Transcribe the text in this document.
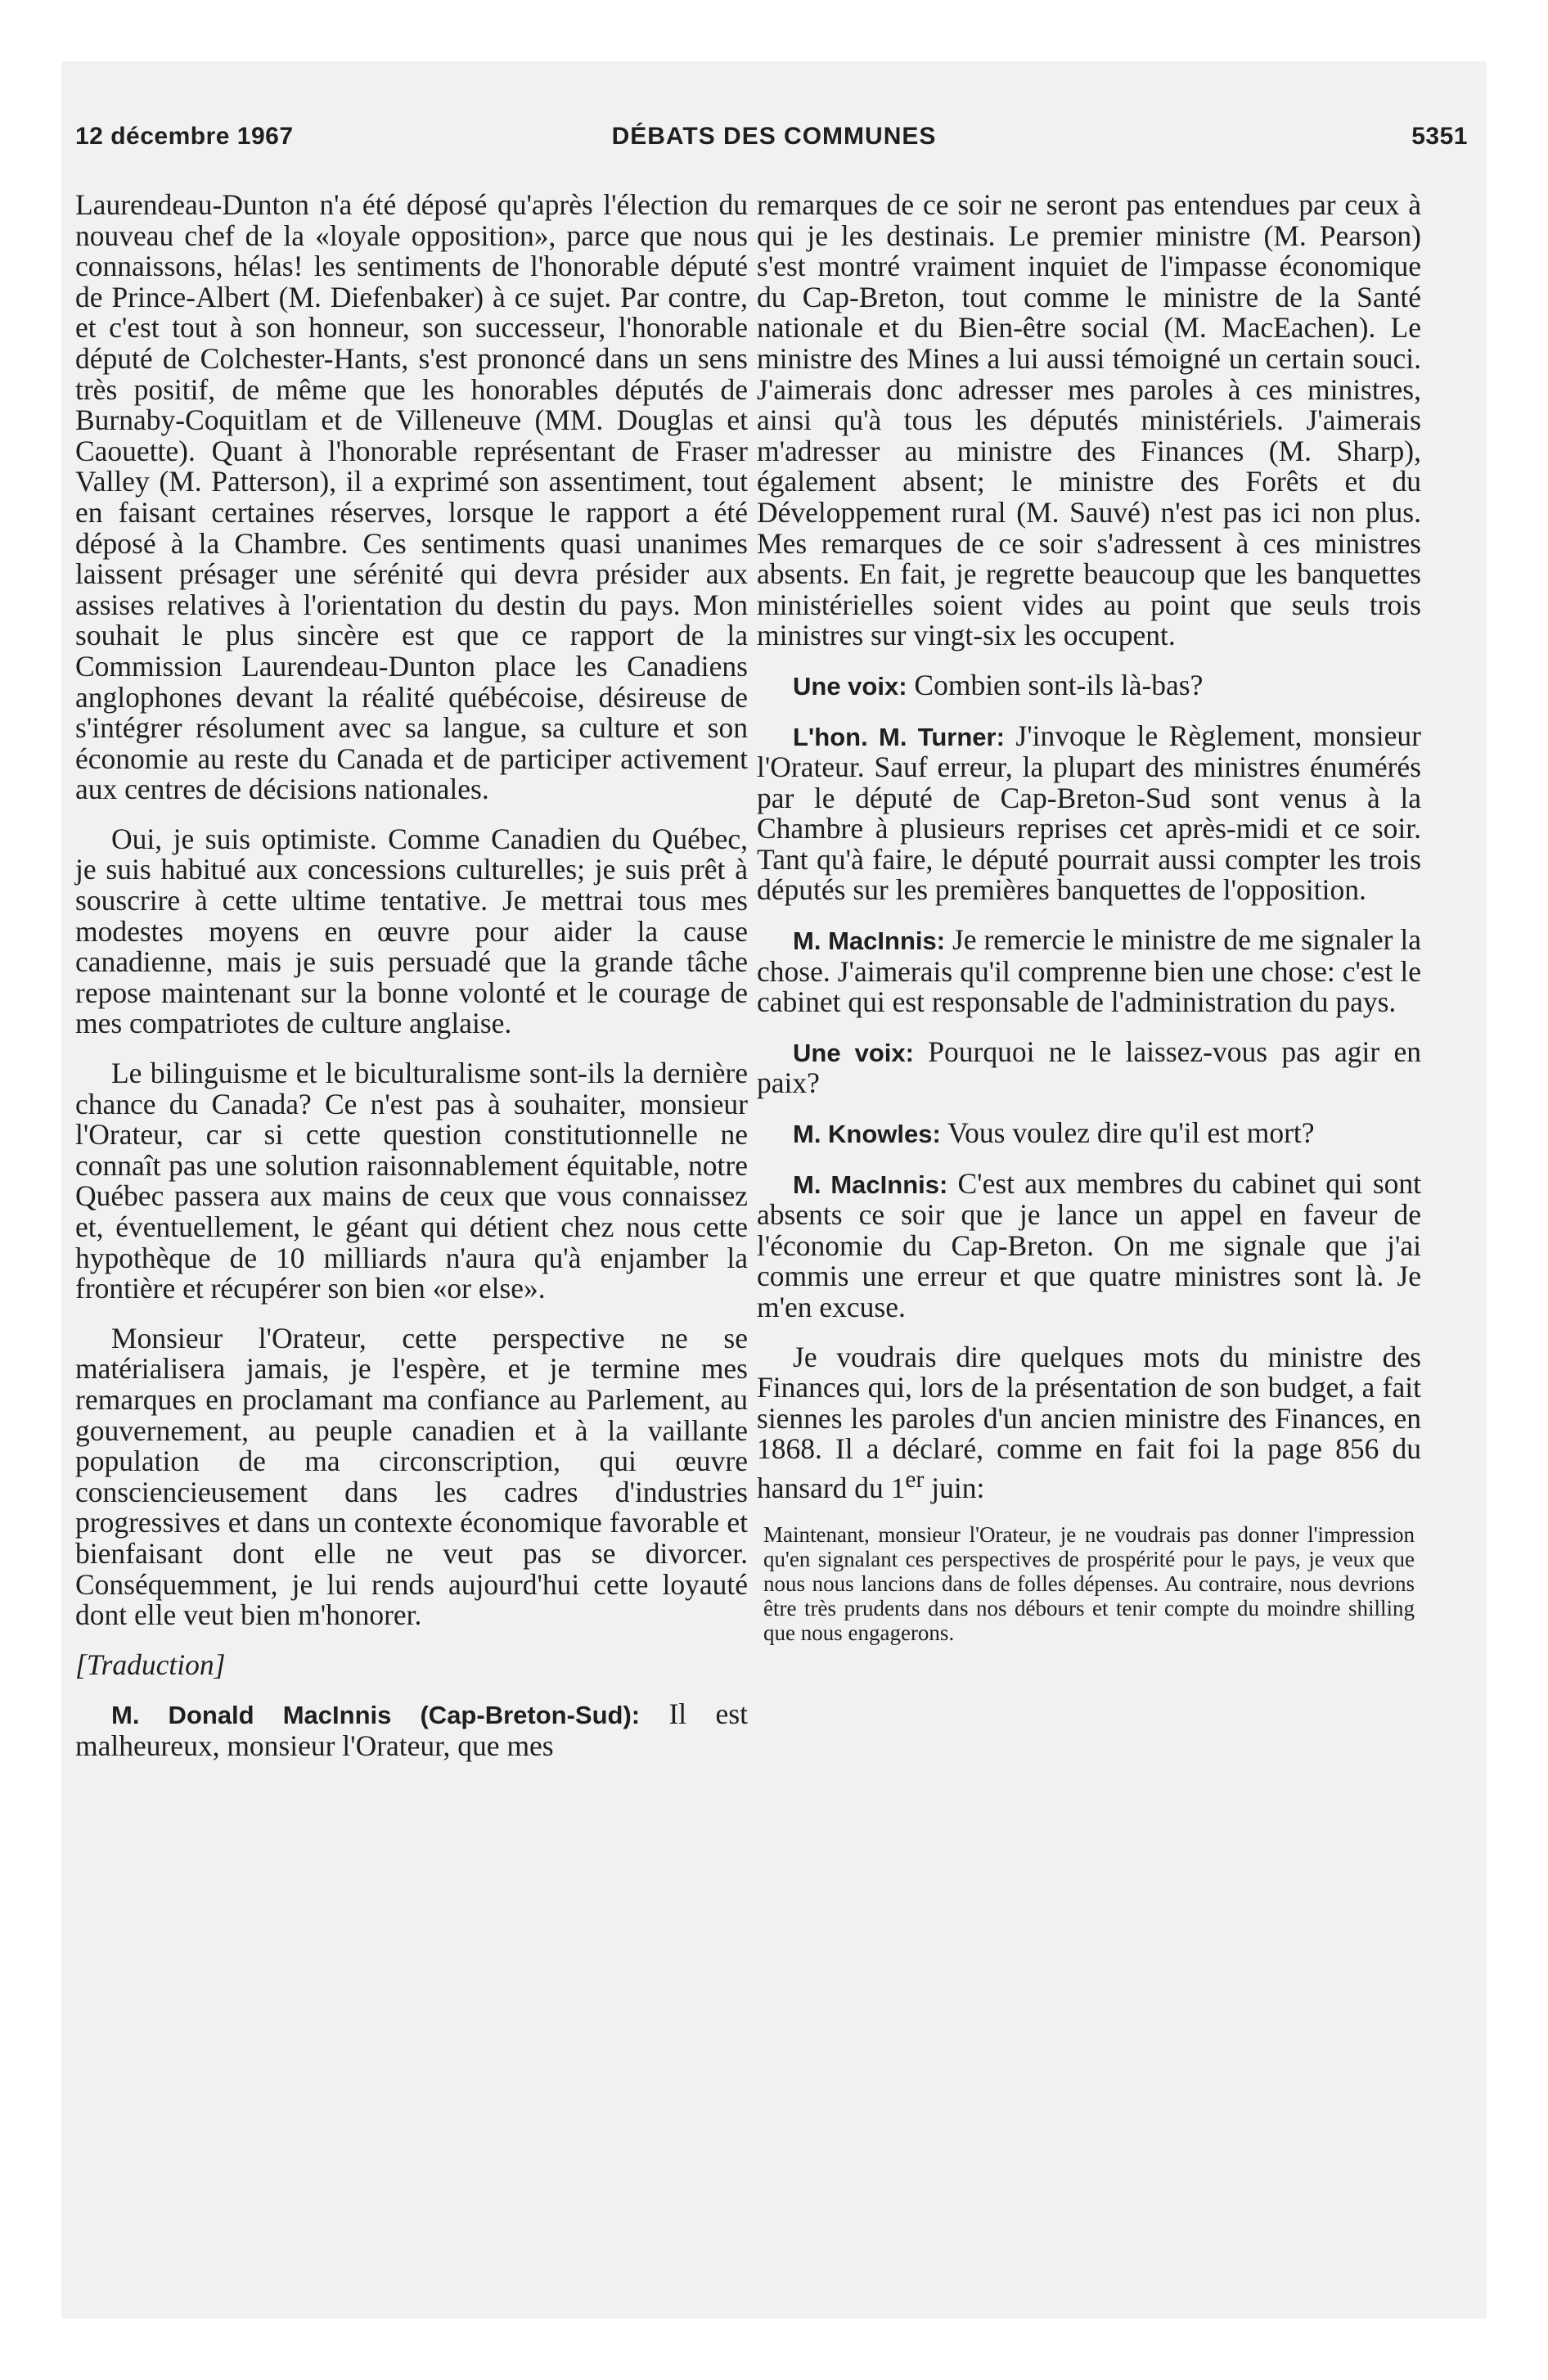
12 décembre 1967	DÉBATS DES COMMUNES	5351

Laurendeau-Dunton n'a été déposé qu'après l'élection du nouveau chef de la «loyale opposition», parce que nous connaissons, hélas! les sentiments de l'honorable député de Prince-Albert (M. Diefenbaker) à ce sujet. Par contre, et c'est tout à son honneur, son successeur, l'honorable député de Colchester-Hants, s'est prononcé dans un sens très positif, de même que les honorables députés de Burnaby-Coquitlam et de Villeneuve (MM. Douglas et Caouette). Quant à l'honorable représentant de Fraser Valley (M. Patterson), il a exprimé son assentiment, tout en faisant certaines réserves, lorsque le rapport a été déposé à la Chambre. Ces sentiments quasi unanimes laissent présager une sérénité qui devra présider aux assises relatives à l'orientation du destin du pays. Mon souhait le plus sincère est que ce rapport de la Commission Laurendeau-Dunton place les Canadiens anglophones devant la réalité québécoise, désireuse de s'intégrer résolument avec sa langue, sa culture et son économie au reste du Canada et de participer activement aux centres de décisions nationales.

Oui, je suis optimiste. Comme Canadien du Québec, je suis habitué aux concessions culturelles; je suis prêt à souscrire à cette ultime tentative. Je mettrai tous mes modestes moyens en œuvre pour aider la cause canadienne, mais je suis persuadé que la grande tâche repose maintenant sur la bonne volonté et le courage de mes compatriotes de culture anglaise.

Le bilinguisme et le biculturalisme sont-ils la dernière chance du Canada? Ce n'est pas à souhaiter, monsieur l'Orateur, car si cette question constitutionnelle ne connaît pas une solution raisonnablement équitable, notre Québec passera aux mains de ceux que vous connaissez et, éventuellement, le géant qui détient chez nous cette hypothèque de 10 milliards n'aura qu'à enjamber la frontière et récupérer son bien «or else».

Monsieur l'Orateur, cette perspective ne se matérialisera jamais, je l'espère, et je termine mes remarques en proclamant ma confiance au Parlement, au gouvernement, au peuple canadien et à la vaillante population de ma circonscription, qui œuvre consciencieusement dans les cadres d'industries progressives et dans un contexte économique favorable et bienfaisant dont elle ne veut pas se divorcer. Conséquemment, je lui rends aujourd'hui cette loyauté dont elle veut bien m'honorer.

[Traduction]

M. Donald MacInnis (Cap-Breton-Sud): Il est malheureux, monsieur l'Orateur, que mes

remarques de ce soir ne seront pas entendues par ceux à qui je les destinais. Le premier ministre (M. Pearson) s'est montré vraiment inquiet de l'impasse économique du Cap-Breton, tout comme le ministre de la Santé nationale et du Bien-être social (M. MacEachen). Le ministre des Mines a lui aussi témoigné un certain souci. J'aimerais donc adresser mes paroles à ces ministres, ainsi qu'à tous les députés ministériels. J'aimerais m'adresser au ministre des Finances (M. Sharp), également absent; le ministre des Forêts et du Développement rural (M. Sauvé) n'est pas ici non plus. Mes remarques de ce soir s'adressent à ces ministres absents. En fait, je regrette beaucoup que les banquettes ministérielles soient vides au point que seuls trois ministres sur vingt-six les occupent.

Une voix: Combien sont-ils là-bas?

L'hon. M. Turner: J'invoque le Règlement, monsieur l'Orateur. Sauf erreur, la plupart des ministres énumérés par le député de Cap-Breton-Sud sont venus à la Chambre à plusieurs reprises cet après-midi et ce soir. Tant qu'à faire, le député pourrait aussi compter les trois députés sur les premières banquettes de l'opposition.

M. MacInnis: Je remercie le ministre de me signaler la chose. J'aimerais qu'il comprenne bien une chose: c'est le cabinet qui est responsable de l'administration du pays.

Une voix: Pourquoi ne le laissez-vous pas agir en paix?

M. Knowles: Vous voulez dire qu'il est mort?

M. MacInnis: C'est aux membres du cabinet qui sont absents ce soir que je lance un appel en faveur de l'économie du Cap-Breton. On me signale que j'ai commis une erreur et que quatre ministres sont là. Je m'en excuse.

Je voudrais dire quelques mots du ministre des Finances qui, lors de la présentation de son budget, a fait siennes les paroles d'un ancien ministre des Finances, en 1868. Il a déclaré, comme en fait foi la page 856 du hansard du 1er juin:

Maintenant, monsieur l'Orateur, je ne voudrais pas donner l'impression qu'en signalant ces perspectives de prospérité pour le pays, je veux que nous nous lancions dans de folles dépenses. Au contraire, nous devrions être très prudents dans nos débours et tenir compte du moindre shilling que nous engagerons.
